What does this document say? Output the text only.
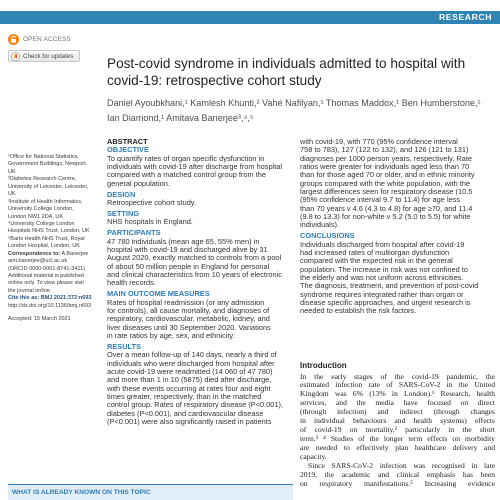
RESEARCH
OPEN ACCESS
Check for updates Post-covid syndrome in individuals admitted to hospital with
covid-19: retrospective cohort study
Daniel Ayoubkhani,¹ Kamlesh Khunti,² Vahé Nafilyan,¹ Thomas Maddox,¹ Ben Humberstone,¹
Ian Diamond,¹ Amitava Banerjee³,⁴,⁵
¹Office for National Statistics,
Government Buildings, Newport,
UK
²Diabetes Research Centre,
University of Leicester, Leicester,
UK
³Institute of Health Informatics,
University College London,
London NW1 2DA, UK
⁴University College London
Hospitals NHS Trust, London, UK
⁵Barts Health NHS Trust, Royal
London Hospital, London, UK
Correspondence to: A Banerjee
ami.banerjee@ucl.ac.uk
(ORCID 0000-0001-8741-3411)
Additional material is published
online only. To view please visit
the journal online.
Cite this as: BMJ 2021;372:n693
http://dx.doi.org/10.1136/bmj.n693
Accepted: 15 March 2021
ABSTRACT
OBJECTIVE
To quantify rates of organ specific dysfunction in
individuals with covid-19 after discharge from hospital
compared with a matched control group from the
general population.
DESIGN
Retrospective cohort study.
SETTING
NHS hospitals in England.
PARTICIPANTS
47 780 individuals (mean age 65, 55% men) in
hospital with covid-19 and discharged alive by 31
August 2020, exactly matched to controls from a pool
of about 50 million people in England for personal
and clinical characteristics from 10 years of electronic
health records.
MAIN OUTCOME MEASURES
Rates of hospital readmission (or any admission
for controls), all cause mortality, and diagnoses of
respiratory, cardiovascular, metabolic, kidney, and
liver diseases until 30 September 2020. Variations
in rate ratios by age, sex, and ethnicity.
RESULTS
Over a mean follow-up of 140 days, nearly a third of
individuals who were discharged from hospital after
acute covid-19 were readmitted (14 060 of 47 780)
and more than 1 in 10 (5875) died after discharge,
with these events occurring at rates four and eight
times greater, respectively, than in the matched
control group. Rates of respiratory disease (P<0.001),
diabetes (P<0.001), and cardiovascular disease
(P<0.001) were also significantly raised in patients
with covid-19, with 770 (95% confidence interval
758 to 783), 127 (122 to 132), and 126 (121 to 131)
diagnoses per 1000 person years, respectively. Rate
ratios were greater for individuals aged less than 70
than for those aged 70 or older, and in ethnic minority
groups compared with the white population, with the
largest differences seen for respiratory disease (10.5
(95% confidence interval 9.7 to 11.4) for age less
than 70 years v 4.6 (4.3 to 4.8) for age ≥70, and 11.4
(9.8 to 13.3) for non-white v 5.2 (5.0 to 5.5) for white
individuals).
CONCLUSIONS
Individuals discharged from hospital after covid-19
had increased rates of multiorgan dysfunction
compared with the expected risk in the general
population. The increase in risk was not confined to
the elderly and was not uniform across ethnicities.
The diagnosis, treatment, and prevention of post-covid
syndrome requires integrated rather than organ or
disease specific approaches, and urgent research is
needed to establish the risk factors.
Introduction
In the early stages of the covid-19 pandemic, the
estimated infection rate of SARS-CoV-2 in the United
Kingdom was 6% (13% in London).¹ Research, health
services, and the media have focused on direct
(through infection) and indirect (through changes
in individual behaviours and health systems) effects
of covid-19 on mortality,² particularly in the short
term.³ ⁴ Studies of the longer term effects on morbidity
are needed to effectively plan healthcare delivery and
capacity.
Since SARS-CoV-2 infection was recognised in late
2019, the academic and clinical emphasis has been
on respiratory manifestations.⁵ Increasing evidence
WHAT IS ALREADY KNOWN ON THIS TOPIC
